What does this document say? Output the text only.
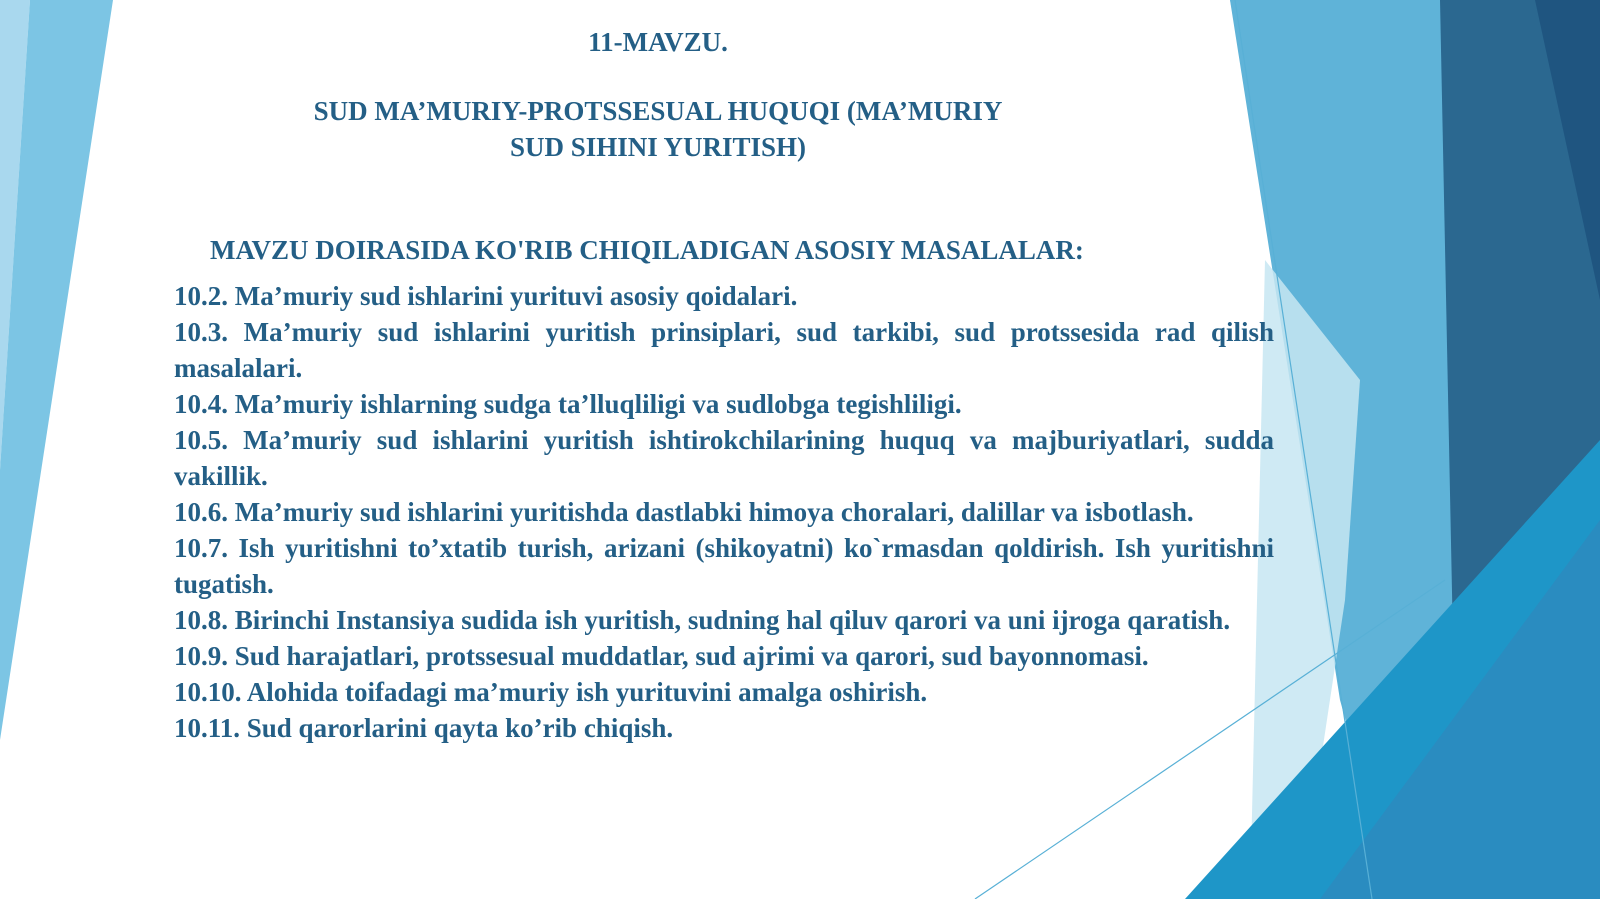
11-MAVZU.

SUD MA’MURIY-PROTSSESUAL HUQUQI (MA’MURIY
SUD SIHINI YURITISH)

MAVZU DOIRASIDA KO'RIB CHIQILADIGAN ASOSIY MASALALAR:

10.2. Ma’muriy sud ishlarini yurituvi asosiy qoidalari.
10.3. Ma’muriy sud ishlarini yuritish prinsiplari, sud tarkibi, sud protssesida rad qilish masalalari.
10.4. Ma’muriy ishlarning sudga ta’lluqliligi va sudlobga tegishliligi.
10.5. Ma’muriy sud ishlarini yuritish ishtirokchilarining huquq va majburiyatlari, sudda vakillik.
10.6. Ma’muriy sud ishlarini yuritishda dastlabki himoya choralari, dalillar va isbotlash.
10.7. Ish yuritishni to’xtatib turish, arizani (shikoyatni) ko`rmasdan qoldirish. Ish yuritishni tugatish.
10.8. Birinchi Instansiya sudida ish yuritish, sudning hal qiluv qarori va uni ijroga qaratish.
10.9. Sud harajatlari, protssesual muddatlar, sud ajrimi va qarori, sud bayonnomasi.
10.10. Alohida toifadagi ma’muriy ish yurituvini amalga oshirish.
10.11. Sud qarorlarini qayta ko’rib chiqish.
